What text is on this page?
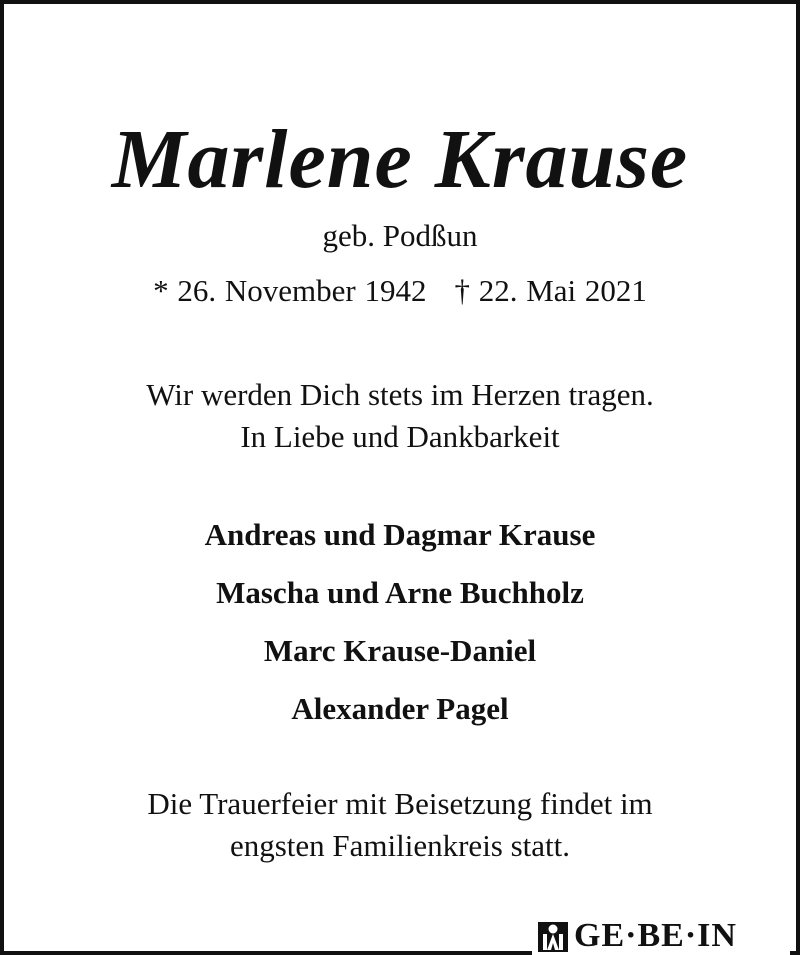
Marlene Krause
geb. Podßun
* 26. November 1942 † 22. Mai 2021
Wir werden Dich stets im Herzen tragen.
In Liebe und Dankbarkeit
Andreas und Dagmar Krause
Mascha und Arne Buchholz
Marc Krause-Daniel
Alexander Pagel
Die Trauerfeier mit Beisetzung findet im
engsten Familienkreis statt.
GE·BE·IN
